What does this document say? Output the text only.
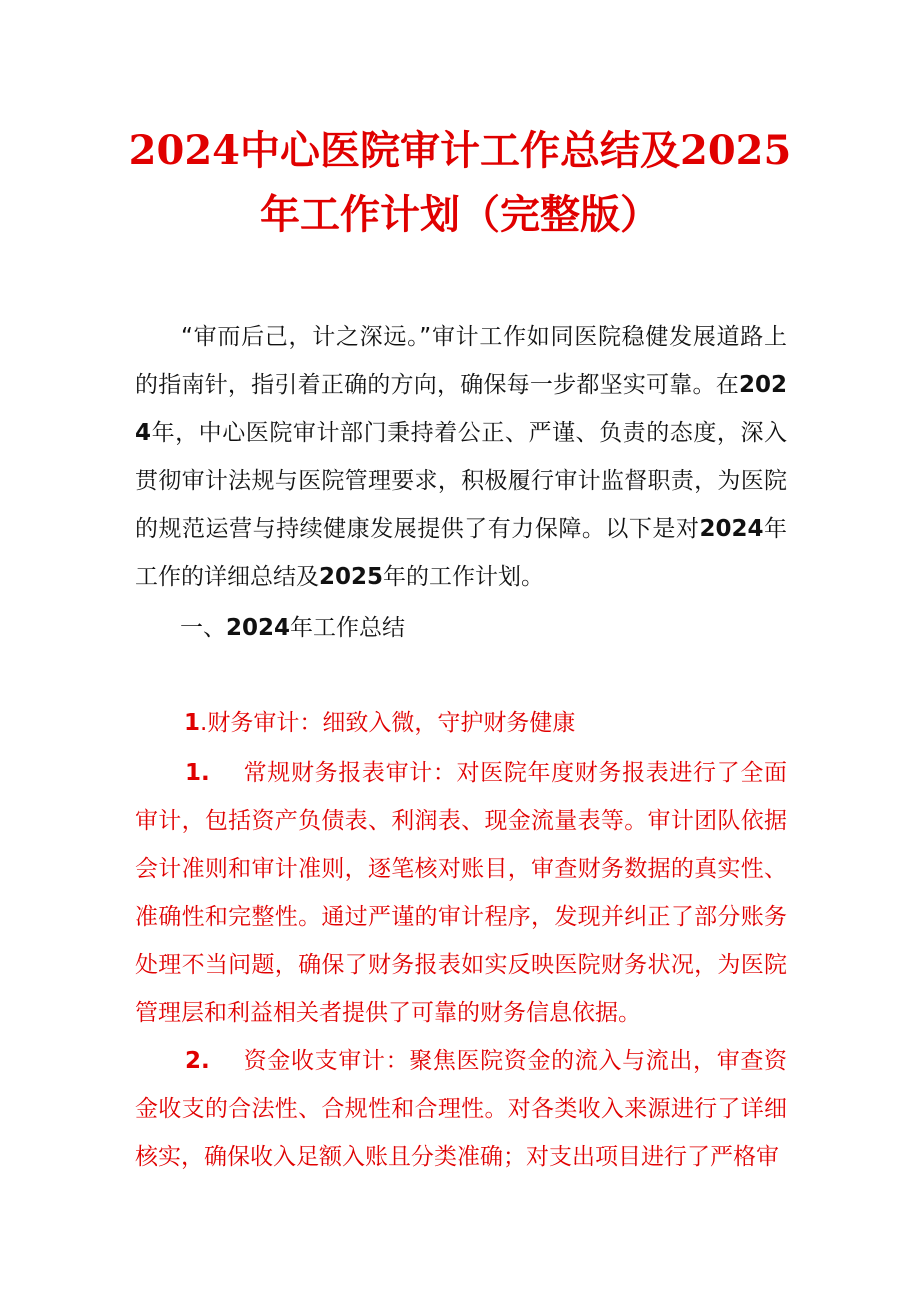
2024中心医院审计工作总结及2025
年工作计划（完整版）
“审而后己，计之深远。”审计工作如同医院稳健发展道路上的指南针，指引着正确的方向，确保每一步都坚实可靠。在2024年，中心医院审计部门秉持着公正、严谨、负责的态度，深入贯彻审计法规与医院管理要求，积极履行审计监督职责，为医院的规范运营与持续健康发展提供了有力保障。以下是对2024年工作的详细总结及2025年的工作计划。
一、2024年工作总结
1.财务审计：细致入微，守护财务健康
1. 常规财务报表审计：对医院年度财务报表进行了全面审计，包括资产负债表、利润表、现金流量表等。审计团队依据会计准则和审计准则，逐笔核对账目，审查财务数据的真实性、准确性和完整性。通过严谨的审计程序，发现并纠正了部分账务处理不当问题，确保了财务报表如实反映医院财务状况，为医院管理层和利益相关者提供了可靠的财务信息依据。
2. 资金收支审计：聚焦医院资金的流入与流出，审查资金收支的合法性、合规性和合理性。对各类收入来源进行了详细核实，确保收入足额入账且分类准确；对支出项目进行了严格审
